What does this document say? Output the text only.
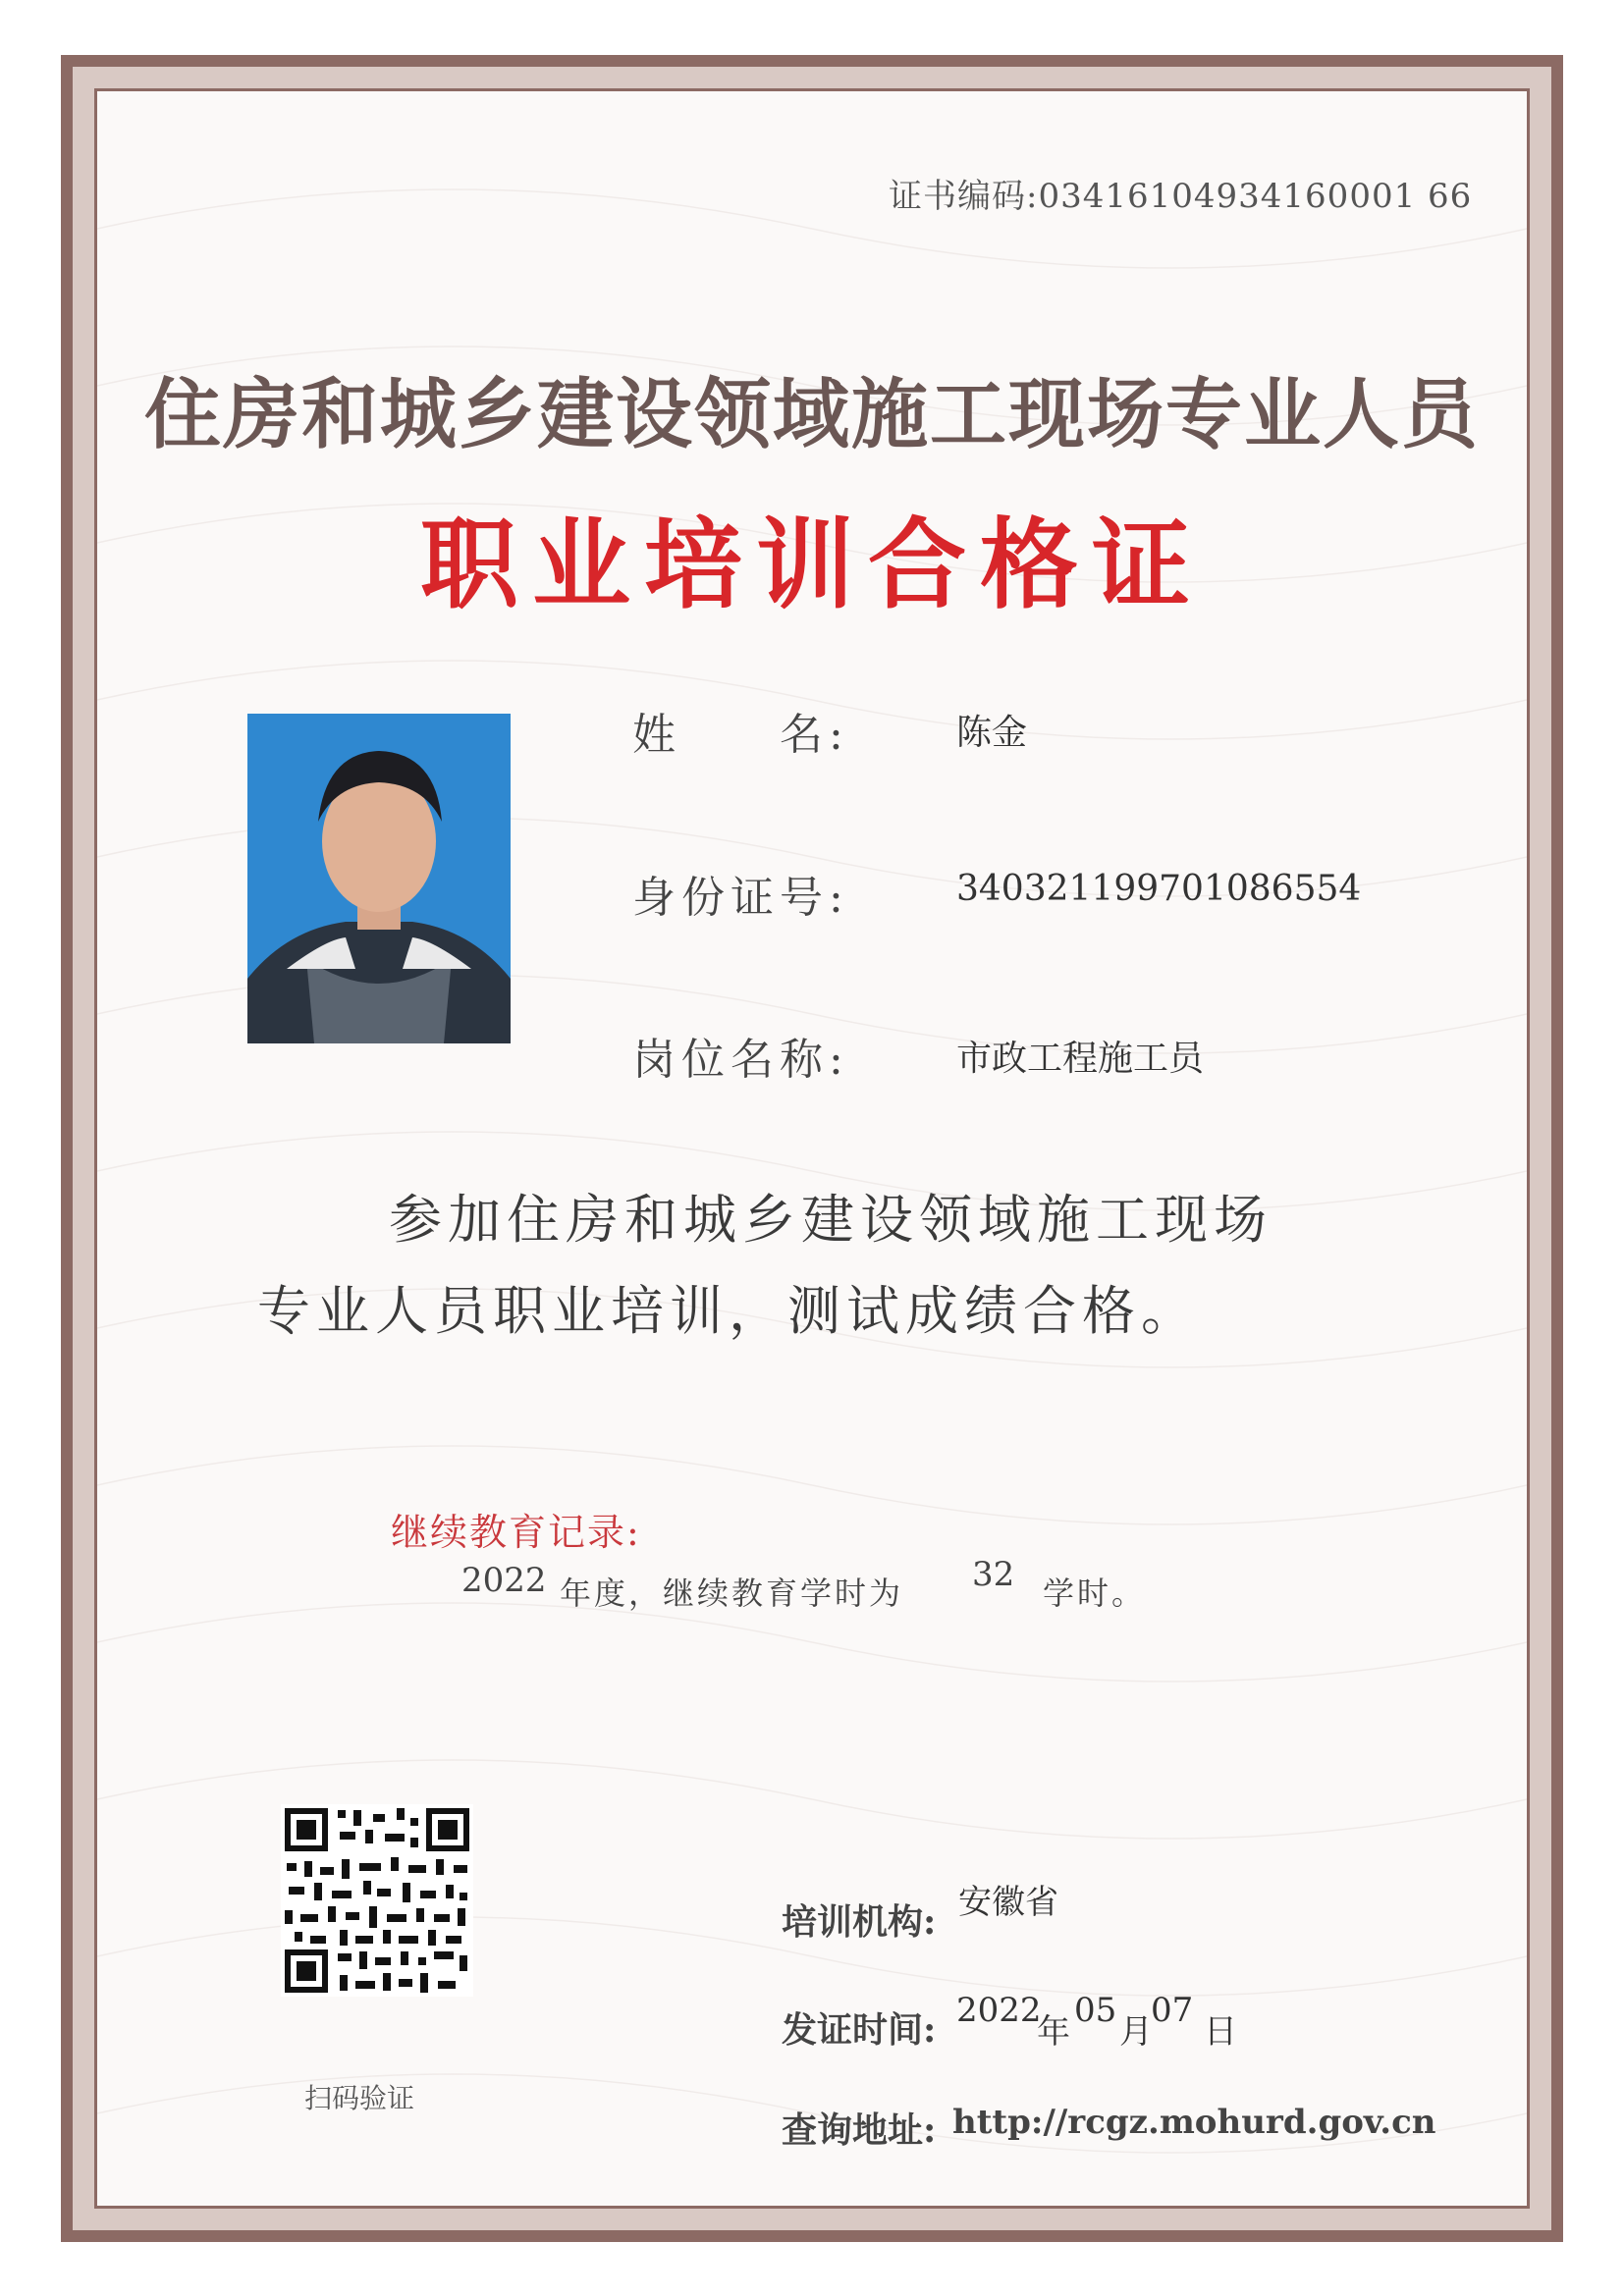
证书编码:03416104934160001 66
住房和城乡建设领域施工现场专业人员
职业培训合格证
姓　　名:	陈金
身份证号:	340321199701086554
岗位名称:	市政工程施工员
参加住房和城乡建设领域施工现场
专业人员职业培训，测试成绩合格。
继续教育记录:
2022 年度，继续教育学时为 32 学时。
扫码验证
培训机构: 安徽省
发证时间: 2022
年
05
月
07
日
查询地址: http://rcgz.mohurd.gov.cn
